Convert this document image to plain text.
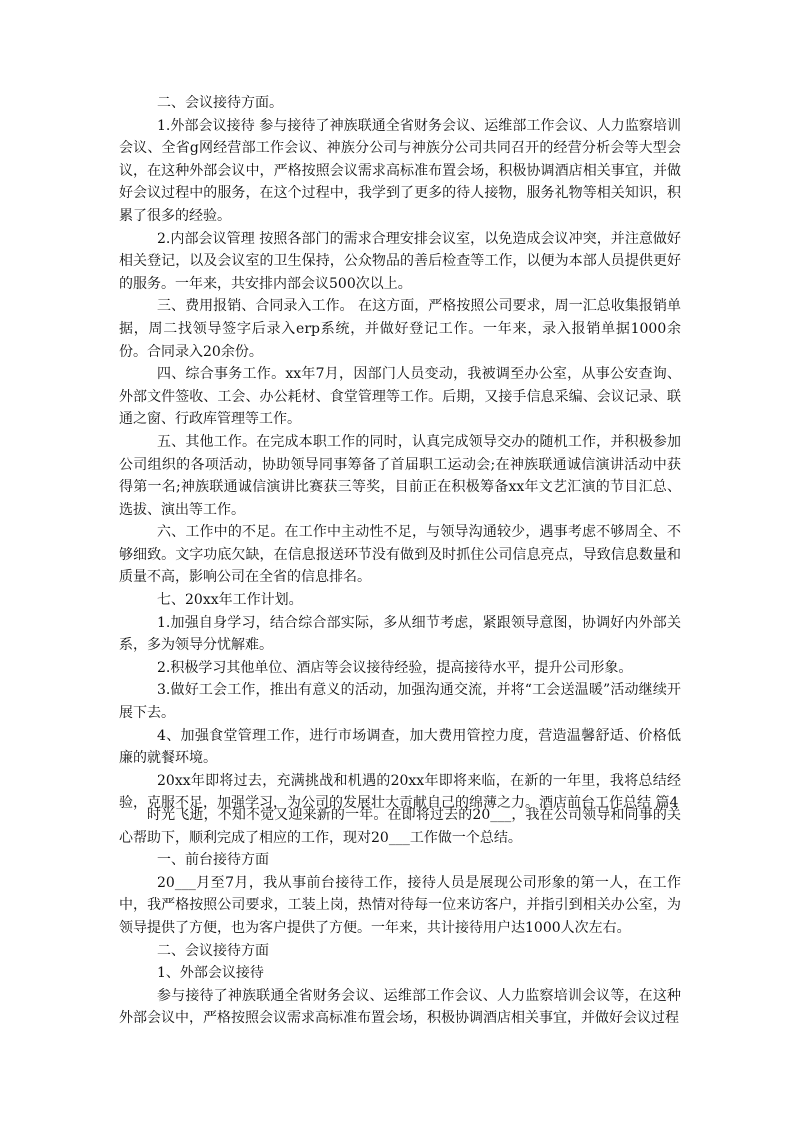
二、会议接待方面。

1.外部会议接待 参与接待了神族联通全省财务会议、运维部工作会议、人力监察培训会议、全省g网经营部工作会议、神族分公司与神族分公司共同召开的经营分析会等大型会议，在这种外部会议中，严格按照会议需求高标准布置会场，积极协调酒店相关事宜，并做好会议过程中的服务，在这个过程中，我学到了更多的待人接物，服务礼物等相关知识，积累了很多的经验。

2.内部会议管理 按照各部门的需求合理安排会议室，以免造成会议冲突，并注意做好相关登记，以及会议室的卫生保持，公众物品的善后检查等工作，以便为本部人员提供更好的服务。一年来，共安排内部会议500次以上。

三、费用报销、合同录入工作。 在这方面，严格按照公司要求，周一汇总收集报销单据，周二找领导签字后录入erp系统，并做好登记工作。一年来，录入报销单据1000余份。合同录入20余份。

四、综合事务工作。xx年7月，因部门人员变动，我被调至办公室，从事公安查询、外部文件签收、工会、办公耗材、食堂管理等工作。后期，又接手信息采编、会议记录、联通之窗、行政库管理等工作。

五、其他工作。在完成本职工作的同时，认真完成领导交办的随机工作，并积极参加公司组织的各项活动，协助领导同事筹备了首届职工运动会;在神族联通诚信演讲活动中获得第一名;神族联通诚信演讲比赛获三等奖，目前正在积极筹备xx年文艺汇演的节目汇总、选拔、演出等工作。

六、工作中的不足。在工作中主动性不足，与领导沟通较少，遇事考虑不够周全、不够细致。文字功底欠缺，在信息报送环节没有做到及时抓住公司信息亮点，导致信息数量和质量不高，影响公司在全省的信息排名。

七、20xx年工作计划。

1.加强自身学习，结合综合部实际，多从细节考虑，紧跟领导意图，协调好内外部关系，多为领导分忧解难。

2.积极学习其他单位、酒店等会议接待经验，提高接待水平，提升公司形象。

3.做好工会工作，推出有意义的活动，加强沟通交流，并将“工会送温暖”活动继续开展下去。

4、加强食堂管理工作，进行市场调查，加大费用管控力度，营造温馨舒适、价格低廉的就餐环境。

20xx年即将过去，充满挑战和机遇的20xx年即将来临，在新的一年里，我将总结经验，克服不足，加强学习，为公司的发展壮大贡献自己的绵薄之力。酒店前台工作总结 篇4

时光飞逝，不知不觉又迎来新的一年。在即将过去的20___，我在公司领导和同事的关心帮助下，顺利完成了相应的工作，现对20___工作做一个总结。

一、前台接待方面

20___月至7月，我从事前台接待工作，接待人员是展现公司形象的第一人，在工作中，我严格按照公司要求，工装上岗，热情对待每一位来访客户，并指引到相关办公室，为领导提供了方便，也为客户提供了方便。一年来，共计接待用户达1000人次左右。

二、会议接待方面

1、外部会议接待

参与接待了神族联通全省财务会议、运维部工作会议、人力监察培训会议等，在这种外部会议中，严格按照会议需求高标准布置会场，积极协调酒店相关事宜，并做好会议过程
